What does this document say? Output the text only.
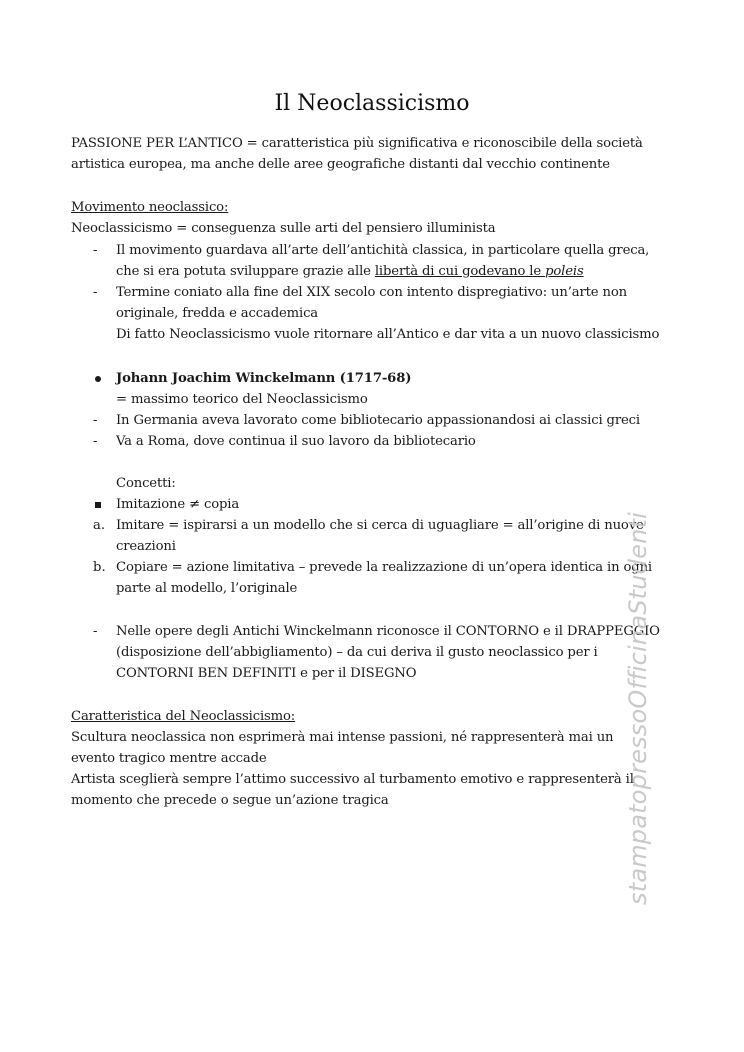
Il Neoclassicismo
PASSIONE PER L’ANTICO = caratteristica più significativa e riconoscibile della società
artistica europea, ma anche delle aree geografiche distanti dal vecchio continente
Movimento neoclassico:
Neoclassicismo = conseguenza sulle arti del pensiero illuminista
- Il movimento guardava all’arte dell’antichità classica, in particolare quella greca,
che si era potuta sviluppare grazie alle libertà di cui godevano le poleis
- Termine coniato alla fine del XIX secolo con intento dispregiativo: un’arte non
originale, fredda e accademica
Di fatto Neoclassicismo vuole ritornare all’Antico e dar vita a un nuovo classicismo
Johann Joachim Winckelmann (1717-68)
= massimo teorico del Neoclassicismo
- In Germania aveva lavorato come bibliotecario appassionandosi ai classici greci
- Va a Roma, dove continua il suo lavoro da bibliotecario
Concetti:
Imitazione ≠ copia
a. Imitare = ispirarsi a un modello che si cerca di uguagliare = all’origine di nuove
creazioni
b. Copiare = azione limitativa – prevede la realizzazione di un’opera identica in ogni
parte al modello, l’originale
- Nelle opere degli Antichi Winckelmann riconosce il CONTORNO e il DRAPPEGGIO
(disposizione dell’abbigliamento) – da cui deriva il gusto neoclassico per i
CONTORNI BEN DEFINITI e per il DISEGNO
Caratteristica del Neoclassicismo:
Scultura neoclassica non esprimerà mai intense passioni, né rappresenterà mai un
evento tragico mentre accade
Artista sceglierà sempre l’attimo successivo al turbamento emotivo e rappresenterà il
momento che precede o segue un’azione tragica	stampatopressoOfficinaStudenti
